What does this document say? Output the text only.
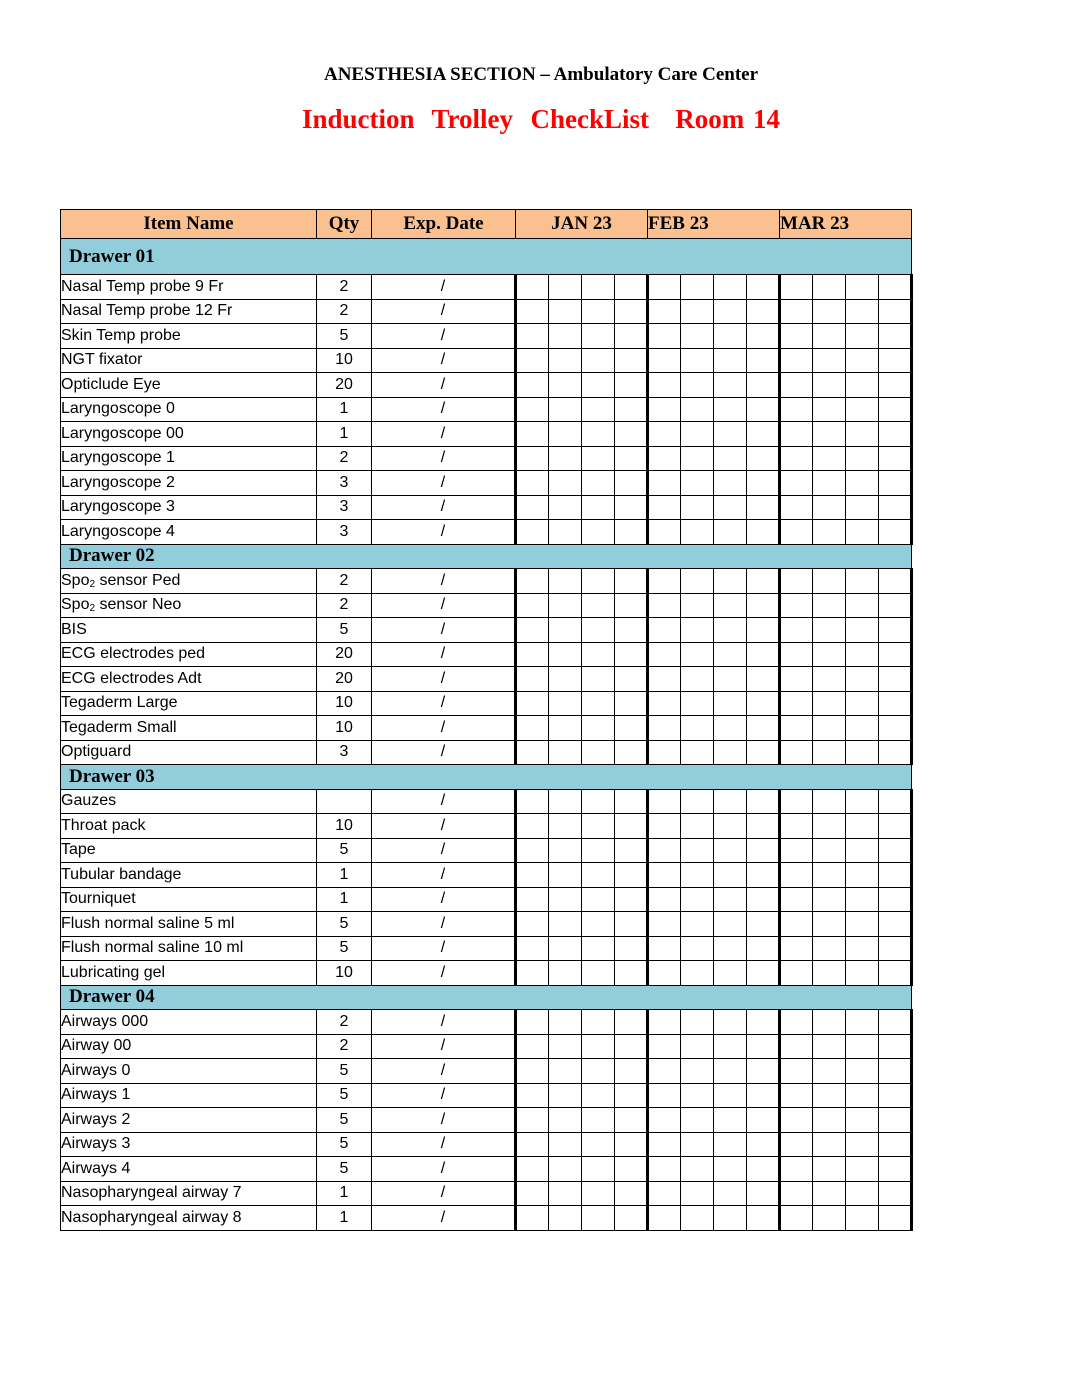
ANESTHESIA SECTION – Ambulatory Care Center
Induction  Trolley  CheckList   Room 14
Item Name	Qty	Exp. Date	JAN 23				FEB 23				MAR 23			
Drawer 01														
Nasal Temp probe 9 Fr	2	/												
Nasal Temp probe 12 Fr	2	/												
Skin Temp probe	5	/												
NGT fixator	10	/												
Opticlude Eye	20	/												
Laryngoscope 0	1	/												
Laryngoscope 00	1	/												
Laryngoscope 1	2	/												
Laryngoscope 2	3	/												
Laryngoscope 3	3	/												
Laryngoscope 4	3	/												
Drawer 02														
Spo$_2$ sensor Ped	2	/												
Spo$_2$ sensor Neo	2	/												
BIS	5	/												
ECG electrodes ped	20	/												
ECG electrodes Adt	20	/												
Tegaderm Large	10	/												
Tegaderm Small	10	/												
Optiguard	3	/												
Drawer 03														
Gauzes		/												
Throat pack	10	/												
Tape	5	/												
Tubular bandage	1	/												
Tourniquet	1	/												
Flush normal saline 5 ml	5	/												
Flush normal saline 10 ml	5	/												
Lubricating gel	10	/												
Drawer 04														
Airways 000	2	/												
Airway 00	2	/												
Airways 0	5	/												
Airways 1	5	/												
Airways 2	5	/												
Airways 3	5	/												
Airways 4	5	/												
Nasopharyngeal airway 7	1	/												
Nasopharyngeal airway 8	1	/												
